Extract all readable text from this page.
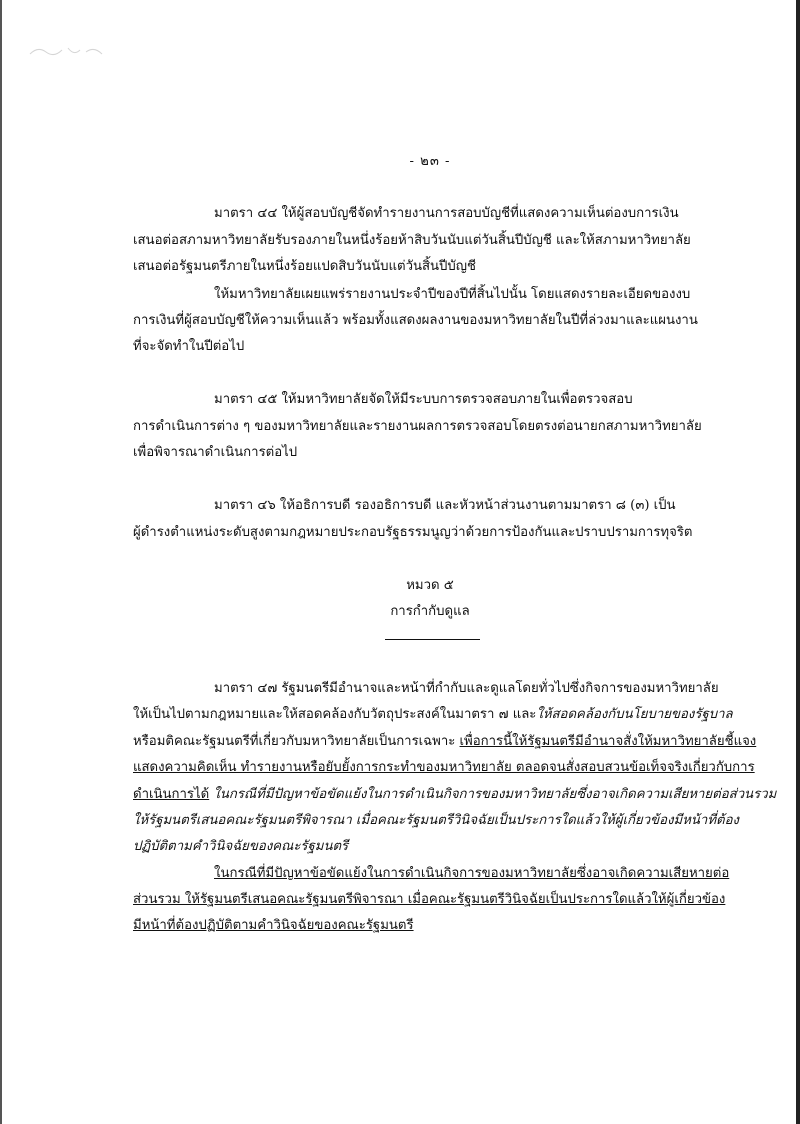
- ๒๓ -
มาตรา ๔๔ ให้ผู้สอบบัญชีจัดทำรายงานการสอบบัญชีที่แสดงความเห็นต่องบการเงิน
เสนอต่อสภามหาวิทยาลัยรับรองภายในหนึ่งร้อยห้าสิบวันนับแต่วันสิ้นปีบัญชี และให้สภามหาวิทยาลัย
เสนอต่อรัฐมนตรีภายในหนึ่งร้อยแปดสิบวันนับแต่วันสิ้นปีบัญชี
ให้มหาวิทยาลัยเผยแพร่รายงานประจำปีของปีที่สิ้นไปนั้น โดยแสดงรายละเอียดของงบ
การเงินที่ผู้สอบบัญชีให้ความเห็นแล้ว พร้อมทั้งแสดงผลงานของมหาวิทยาลัยในปีที่ล่วงมาและแผนงาน
ที่จะจัดทำในปีต่อไป
มาตรา ๔๕ ให้มหาวิทยาลัยจัดให้มีระบบการตรวจสอบภายในเพื่อตรวจสอบ
การดำเนินการต่าง ๆ ของมหาวิทยาลัยและรายงานผลการตรวจสอบโดยตรงต่อนายกสภามหาวิทยาลัย
เพื่อพิจารณาดำเนินการต่อไป
มาตรา ๔๖ ให้อธิการบดี รองอธิการบดี และหัวหน้าส่วนงานตามมาตรา ๘ (๓) เป็น
ผู้ดำรงตำแหน่งระดับสูงตามกฎหมายประกอบรัฐธรรมนูญว่าด้วยการป้องกันและปราบปรามการทุจริต
หมวด ๕
การกำกับดูแล
มาตรา ๔๗ รัฐมนตรีมีอำนาจและหน้าที่กำกับและดูแลโดยทั่วไปซึ่งกิจการของมหาวิทยาลัย
ให้เป็นไปตามกฎหมายและให้สอดคล้องกับวัตถุประสงค์ในมาตรา ๗ และให้สอดคล้องกับนโยบายของรัฐบาล
หรือมติคณะรัฐมนตรีที่เกี่ยวกับมหาวิทยาลัยเป็นการเฉพาะ เพื่อการนี้ให้รัฐมนตรีมีอำนาจสั่งให้มหาวิทยาลัยชี้แจง
แสดงความคิดเห็น ทำรายงานหรือยับยั้งการกระทำของมหาวิทยาลัย ตลอดจนสั่งสอบสวนข้อเท็จจริงเกี่ยวกับการ
ดำเนินการได้ ในกรณีที่มีปัญหาข้อขัดแย้งในการดำเนินกิจการของมหาวิทยาลัยซึ่งอาจเกิดความเสียหายต่อส่วนรวม
ให้รัฐมนตรีเสนอคณะรัฐมนตรีพิจารณา เมื่อคณะรัฐมนตรีวินิจฉัยเป็นประการใดแล้วให้ผู้เกี่ยวข้องมีหน้าที่ต้อง
ปฏิบัติตามคำวินิจฉัยของคณะรัฐมนตรี
ในกรณีที่มีปัญหาข้อขัดแย้งในการดำเนินกิจการของมหาวิทยาลัยซึ่งอาจเกิดความเสียหายต่อ
ส่วนรวม ให้รัฐมนตรีเสนอคณะรัฐมนตรีพิจารณา เมื่อคณะรัฐมนตรีวินิจฉัยเป็นประการใดแล้วให้ผู้เกี่ยวข้อง
มีหน้าที่ต้องปฏิบัติตามคำวินิจฉัยของคณะรัฐมนตรี
